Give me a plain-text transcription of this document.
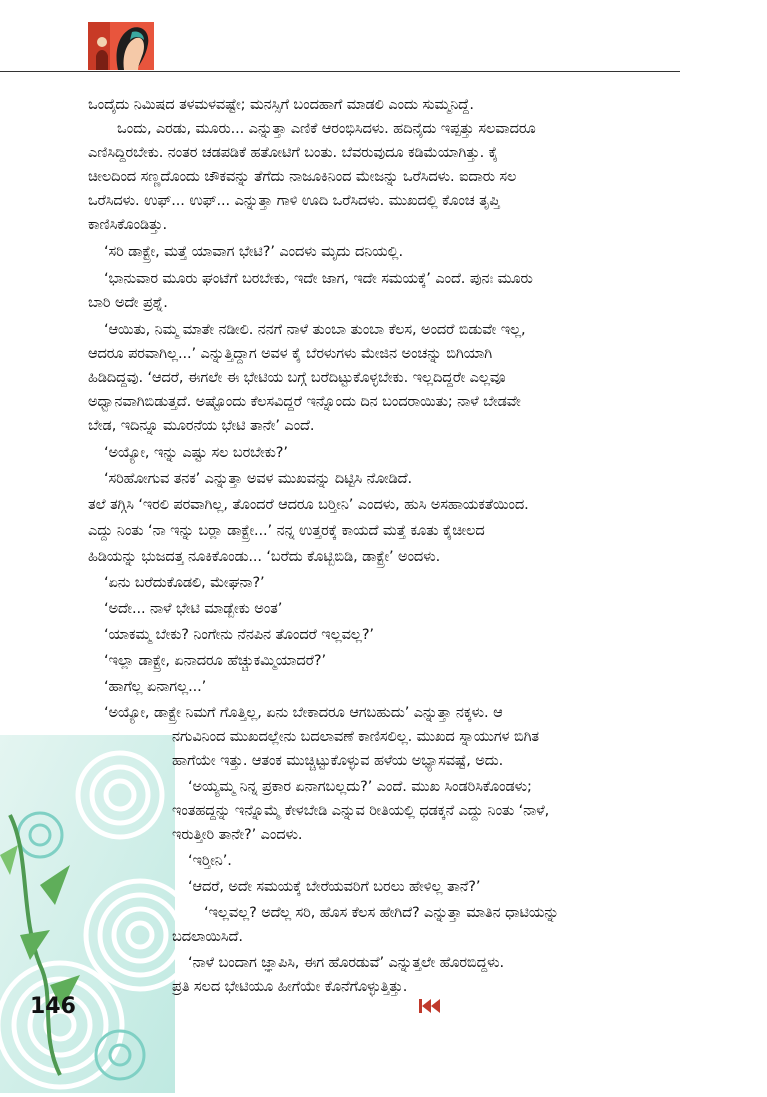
ಒಂದೈದು ನಿಮಿಷದ ತಳಮಳವಷ್ಟೇ; ಮನಸ್ಸಿಗೆ ಬಂದಹಾಗೆ ಮಾಡಲಿ ಎಂದು ಸುಮ್ಮನಿದ್ದೆ.
ಒಂದು, ಎರಡು, ಮೂರು... ಎನ್ನುತ್ತಾ ಎಣಿಕೆ ಆರಂಭಿಸಿದಳು. ಹದಿನೈದು ಇಪ್ಪತ್ತು ಸಲವಾದರೂ
ಎಣಿಸಿದ್ದಿರಬೇಕು. ನಂತರ ಚಡಪಡಿಕೆ ಹತೋಟಿಗೆ ಬಂತು. ಬೆವರುವುದೂ ಕಡಿಮೆಯಾಗಿತ್ತು. ಕೈ
ಚೀಲದಿಂದ ಸಣ್ಣದೊಂದು ಚೌಕವನ್ನು ತೆಗೆದು ನಾಜೂಕಿನಿಂದ ಮೇಜನ್ನು ಒರೆಸಿದಳು. ಐದಾರು ಸಲ
ಒರೆಸಿದಳು. ಉಫ್... ಉಫ್... ಎನ್ನುತ್ತಾ ಗಾಳಿ ಊದಿ ಒರೆಸಿದಳು. ಮುಖದಲ್ಲಿ ಕೊಂಚ ತೃಪ್ತಿ
ಕಾಣಿಸಿಕೊಂಡಿತ್ತು.
‘ಸರಿ ಡಾಕ್ಟ್ರೇ, ಮತ್ತೆ ಯಾವಾಗ ಭೇಟಿ?’ ಎಂದಳು ಮೃದು ದನಿಯಲ್ಲಿ.
‘ಭಾನುವಾರ ಮೂರು ಘಂಟೆಗೆ ಬರಬೇಕು, ಇದೇ ಜಾಗ, ಇದೇ ಸಮಯಕ್ಕೆ’ ಎಂದೆ. ಪುನಃ ಮೂರು
ಬಾರಿ ಅದೇ ಪ್ರಶ್ನೆ.
‘ಆಯಿತು, ನಿಮ್ಮ ಮಾತೇ ನಡೀಲಿ. ನನಗೆ ನಾಳೆ ತುಂಬಾ ತುಂಬಾ ಕೆಲಸ, ಅಂದರೆ ಬಿಡುವೇ ಇಲ್ಲ,
ಆದರೂ ಪರವಾಗಿಲ್ಲ...’ ಎನ್ನುತ್ತಿದ್ದಾಗ ಅವಳ ಕೈ ಬೆರಳುಗಳು ಮೇಜಿನ ಅಂಚನ್ನು ಬಿಗಿಯಾಗಿ
ಹಿಡಿದಿದ್ದವು. ‘ಆದರೆ, ಈಗಲೇ ಈ ಭೇಟಿಯ ಬಗ್ಗೆ ಬರೆದಿಟ್ಟುಕೊಳ್ಳಬೇಕು. ಇಲ್ಲದಿದ್ದರೇ ಎಲ್ಲವೂ
ಅಧ್ವಾನವಾಗಿಬಿಡುತ್ತದೆ. ಅಷ್ಟೊಂದು ಕೆಲಸವಿದ್ದರೆ ಇನ್ನೊಂದು ದಿನ ಬಂದರಾಯಿತು; ನಾಳೆ ಬೇಡವೇ
ಬೇಡ, ಇದಿನ್ನೂ ಮೂರನೆಯ ಭೇಟಿ ತಾನೇ’ ಎಂದೆ.
‘ಅಯ್ಯೋ, ಇನ್ನು ಎಷ್ಟು ಸಲ ಬರಬೇಕು?’
‘ಸರಿಹೋಗುವ ತನಕ’ ಎನ್ನುತ್ತಾ ಅವಳ ಮುಖವನ್ನು ದಿಟ್ಟಿಸಿ ನೋಡಿದೆ.
ತಲೆ ತಗ್ಗಿಸಿ ‘ಇರಲಿ ಪರವಾಗಿಲ್ಲ, ತೊಂದರೆ ಆದರೂ ಬರ್‍ತೀನಿ’ ಎಂದಳು, ಹುಸಿ ಅಸಹಾಯಕತೆಯಿಂದ.
ಎದ್ದು ನಿಂತು ‘ನಾ ಇನ್ನು ಬರ್‍ಲಾ ಡಾಕ್ಟ್ರೇ...’ ನನ್ನ ಉತ್ತರಕ್ಕೆ ಕಾಯದೆ ಮತ್ತೆ ಕೂತು ಕೈಚೀಲದ
ಹಿಡಿಯನ್ನು ಭುಜದತ್ತ ನೂಕಿಕೊಂಡು... ‘ಬರೆದು ಕೊಟ್ಬಿಬಿಡಿ, ಡಾಕ್ಟ್ರೇ’ ಅಂದಳು.
‘ಏನು ಬರೆದುಕೊಡಲಿ, ಮೇಘನಾ?’
‘ಅದೇ... ನಾಳೆ ಭೇಟಿ ಮಾಡ್ಬೇಕು ಅಂತ’
‘ಯಾಕಮ್ಮ ಬೇಕು? ನಿಂಗೇನು ನೆನಪಿನ ತೊಂದರೆ ಇಲ್ಲವಲ್ಲ?’
‘ಇಲ್ಲಾ ಡಾಕ್ಟ್ರೇ, ಏನಾದರೂ ಹೆಚ್ಚುಕಮ್ಮಿಯಾದರೆ?’
‘ಹಾಗೆಲ್ಲ ಏನಾಗಲ್ಲ...’
‘ಅಯ್ಯೋ, ಡಾಕ್ಟ್ರೇ ನಿಮಗೆ ಗೊತ್ತಿಲ್ಲ, ಏನು ಬೇಕಾದರೂ ಆಗಬಹುದು’ ಎನ್ನುತ್ತಾ ನಕ್ಕಳು. ಆ
ನಗುವಿನಿಂದ ಮುಖದಲ್ಲೇನು ಬದಲಾವಣೆ ಕಾಣಿಸಲಿಲ್ಲ. ಮುಖದ ಸ್ನಾಯುಗಳ ಬಿಗಿತ
ಹಾಗೆಯೇ ಇತ್ತು. ಆತಂಕ ಮುಚ್ಚಿಟ್ಟುಕೊಳ್ಳುವ ಹಳೆಯ ಅಭ್ಯಾಸವಷ್ಟೆ, ಅದು.
‘ಅಯ್ಯಮ್ಮ ನಿನ್ನ ಪ್ರಕಾರ ಏನಾಗಬಲ್ಲದು?’ ಎಂದೆ. ಮುಖ ಸಿಂಡರಿಸಿಕೊಂಡಳು;
ಇಂತಹದ್ದನ್ನು ಇನ್ನೊಮ್ಮೆ ಕೇಳಬೇಡಿ ಎನ್ನುವ ರೀತಿಯಲ್ಲಿ ಧಡಕ್ಕನೆ ಎದ್ದು ನಿಂತು ‘ನಾಳೆ,
ಇರುತ್ತೀರಿ ತಾನೇ?’ ಎಂದಳು.
‘ಇರ್‍ತೀನಿ’.
‘ಆದರೆ, ಅದೇ ಸಮಯಕ್ಕೆ ಬೇರೆಯವರಿಗೆ ಬರಲು ಹೇಳಿಲ್ಲ ತಾನೆ?’
‘ಇಲ್ಲವಲ್ಲ? ಅದೆಲ್ಲ ಸರಿ, ಹೊಸ ಕೆಲಸ ಹೇಗಿದೆ? ಎನ್ನುತ್ತಾ ಮಾತಿನ ಧಾಟಿಯನ್ನು
ಬದಲಾಯಿಸಿದೆ.
‘ನಾಳೆ ಬಂದಾಗ ಜ್ಞಾಪಿಸಿ, ಈಗ ಹೊರಡುವೆ’ ಎನ್ನುತ್ತಲೇ ಹೊರಬಿದ್ದಳು.
ಪ್ರತಿ ಸಲದ ಭೇಟಿಯೂ ಹೀಗೆಯೇ ಕೊನೆಗೊಳ್ಳುತ್ತಿತ್ತು.
146
